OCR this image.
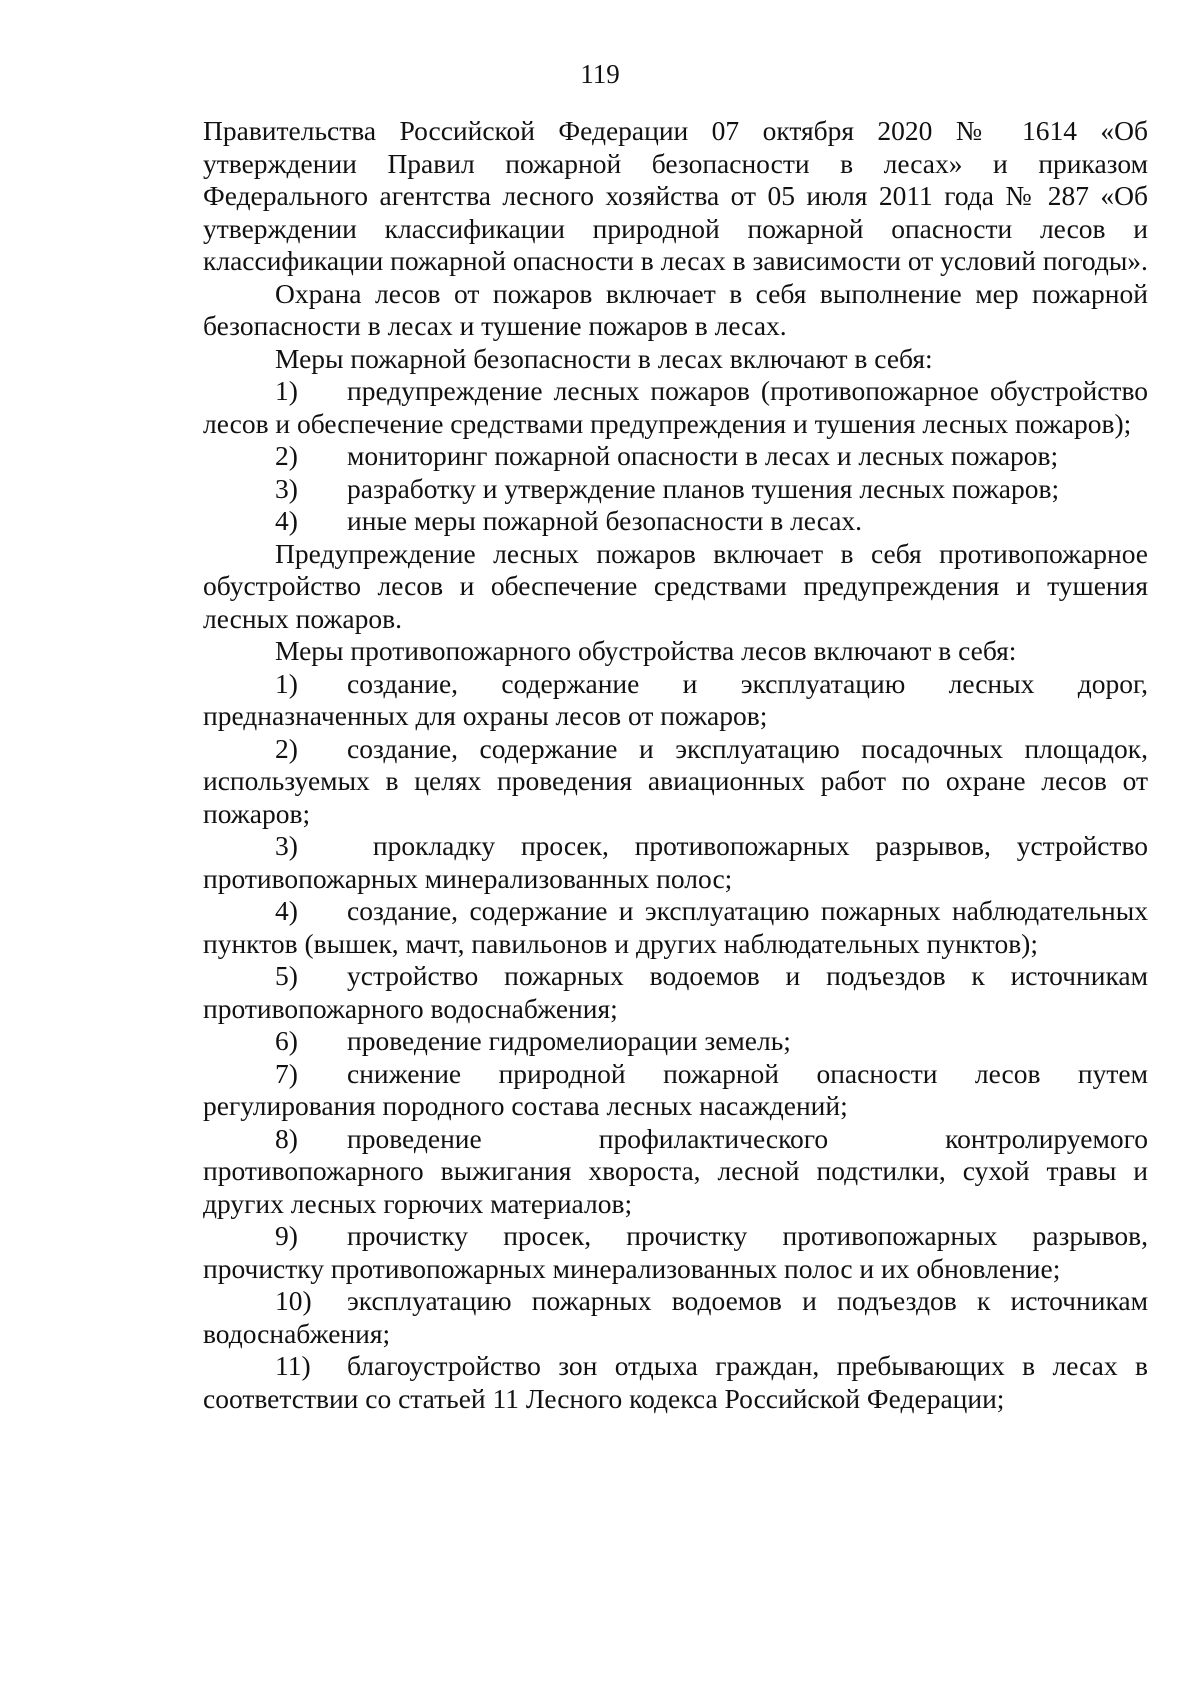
119

Правительства Российской Федерации 07 октября 2020 № 1614 «Об утверждении Правил пожарной безопасности в лесах» и приказом Федерального агентства лесного хозяйства от 05 июля 2011 года № 287 «Об утверждении классификации природной пожарной опасности лесов и классификации пожарной опасности в лесах в зависимости от условий погоды».

Охрана лесов от пожаров включает в себя выполнение мер пожарной безопасности в лесах и тушение пожаров в лесах.

Меры пожарной безопасности в лесах включают в себя:

1) предупреждение лесных пожаров (противопожарное обустройство лесов и обеспечение средствами предупреждения и тушения лесных пожаров);

2) мониторинг пожарной опасности в лесах и лесных пожаров;

3) разработку и утверждение планов тушения лесных пожаров;

4) иные меры пожарной безопасности в лесах.

Предупреждение лесных пожаров включает в себя противопожарное обустройство лесов и обеспечение средствами предупреждения и тушения лесных пожаров.

Меры противопожарного обустройства лесов включают в себя:

1) создание, содержание и эксплуатацию лесных дорог, предназначенных для охраны лесов от пожаров;

2) создание, содержание и эксплуатацию посадочных площадок, используемых в целях проведения авиационных работ по охране лесов от пожаров;

3) прокладку просек, противопожарных разрывов, устройство противопожарных минерализованных полос;

4) создание, содержание и эксплуатацию пожарных наблюдательных пунктов (вышек, мачт, павильонов и других наблюдательных пунктов);

5) устройство пожарных водоемов и подъездов к источникам противопожарного водоснабжения;

6) проведение гидромелиорации земель;

7) снижение природной пожарной опасности лесов путем регулирования породного состава лесных насаждений;

8) проведение профилактического контролируемого противопожарного выжигания хвороста, лесной подстилки, сухой травы и других лесных горючих материалов;

9) прочистку просек, прочистку противопожарных разрывов, прочистку противопожарных минерализованных полос и их обновление;

10) эксплуатацию пожарных водоемов и подъездов к источникам водоснабжения;

11) благоустройство зон отдыха граждан, пребывающих в лесах в соответствии со статьей 11 Лесного кодекса Российской Федерации;
